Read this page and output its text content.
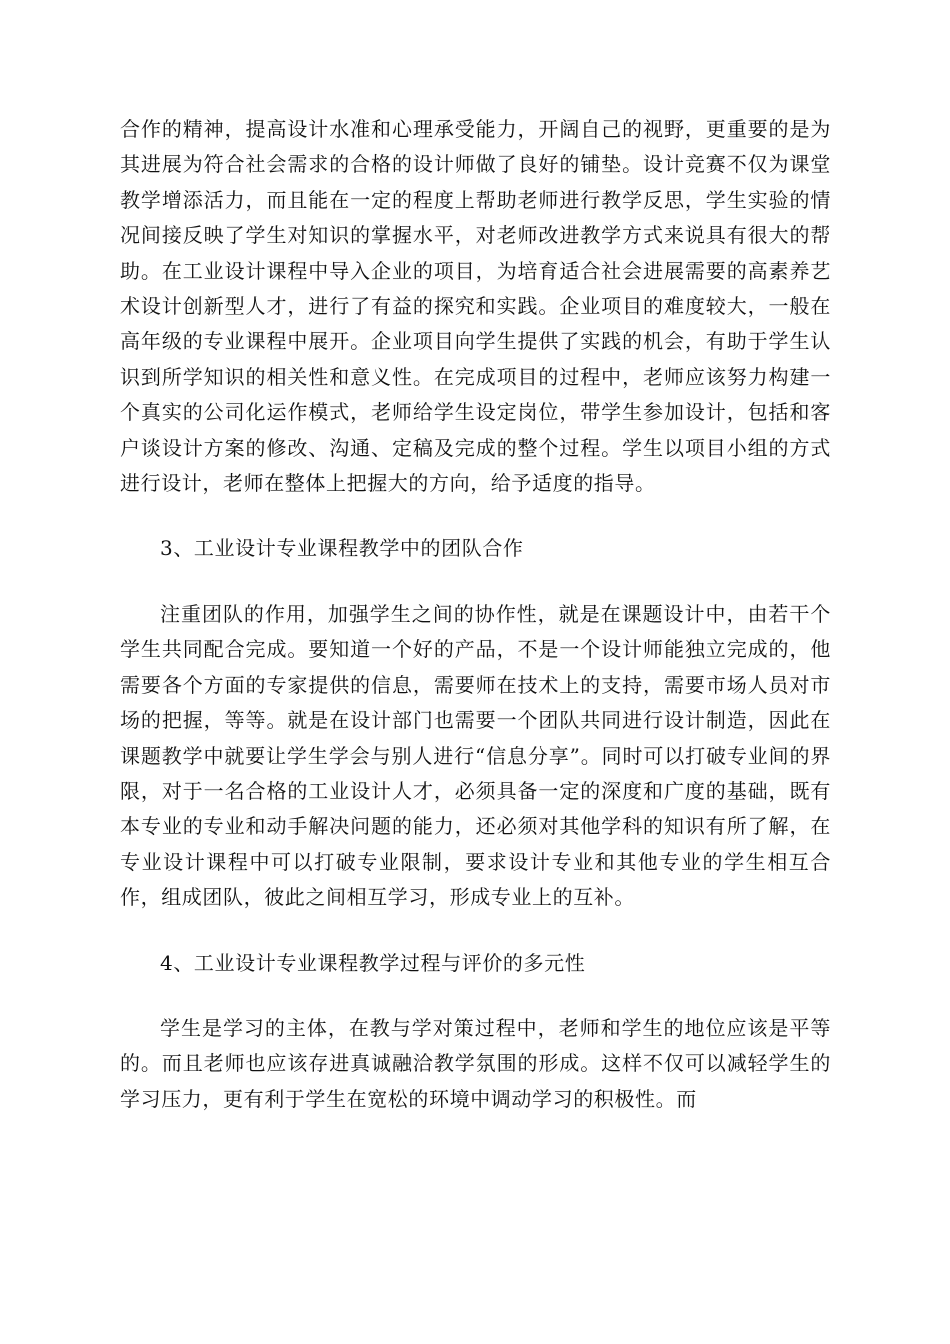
合作的精神，提高设计水准和心理承受能力，开阔自己的视野，更重要的是为其进展为符合社会需求的合格的设计师做了良好的铺垫。设计竞赛不仅为课堂教学增添活力，而且能在一定的程度上帮助老师进行教学反思，学生实验的情况间接反映了学生对知识的掌握水平，对老师改进教学方式来说具有很大的帮助。在工业设计课程中导入企业的项目，为培育适合社会进展需要的高素养艺术设计创新型人才，进行了有益的探究和实践。企业项目的难度较大，一般在高年级的专业课程中展开。企业项目向学生提供了实践的机会，有助于学生认识到所学知识的相关性和意义性。在完成项目的过程中，老师应该努力构建一个真实的公司化运作模式，老师给学生设定岗位，带学生参加设计，包括和客户谈设计方案的修改、沟通、定稿及完成的整个过程。学生以项目小组的方式进行设计，老师在整体上把握大的方向，给予适度的指导。

3、工业设计专业课程教学中的团队合作

注重团队的作用，加强学生之间的协作性，就是在课题设计中，由若干个学生共同配合完成。要知道一个好的产品，不是一个设计师能独立完成的，他需要各个方面的专家提供的信息，需要师在技术上的支持，需要市场人员对市场的把握，等等。就是在设计部门也需要一个团队共同进行设计制造，因此在课题教学中就要让学生学会与别人进行“信息分享”。同时可以打破专业间的界限，对于一名合格的工业设计人才，必须具备一定的深度和广度的基础，既有本专业的专业和动手解决问题的能力，还必须对其他学科的知识有所了解，在专业设计课程中可以打破专业限制，要求设计专业和其他专业的学生相互合作，组成团队，彼此之间相互学习，形成专业上的互补。

4、工业设计专业课程教学过程与评价的多元性

学生是学习的主体，在教与学对策过程中，老师和学生的地位应该是平等的。而且老师也应该存进真诚融洽教学氛围的形成。这样不仅可以减轻学生的学习压力，更有利于学生在宽松的环境中调动学习的积极性。而
